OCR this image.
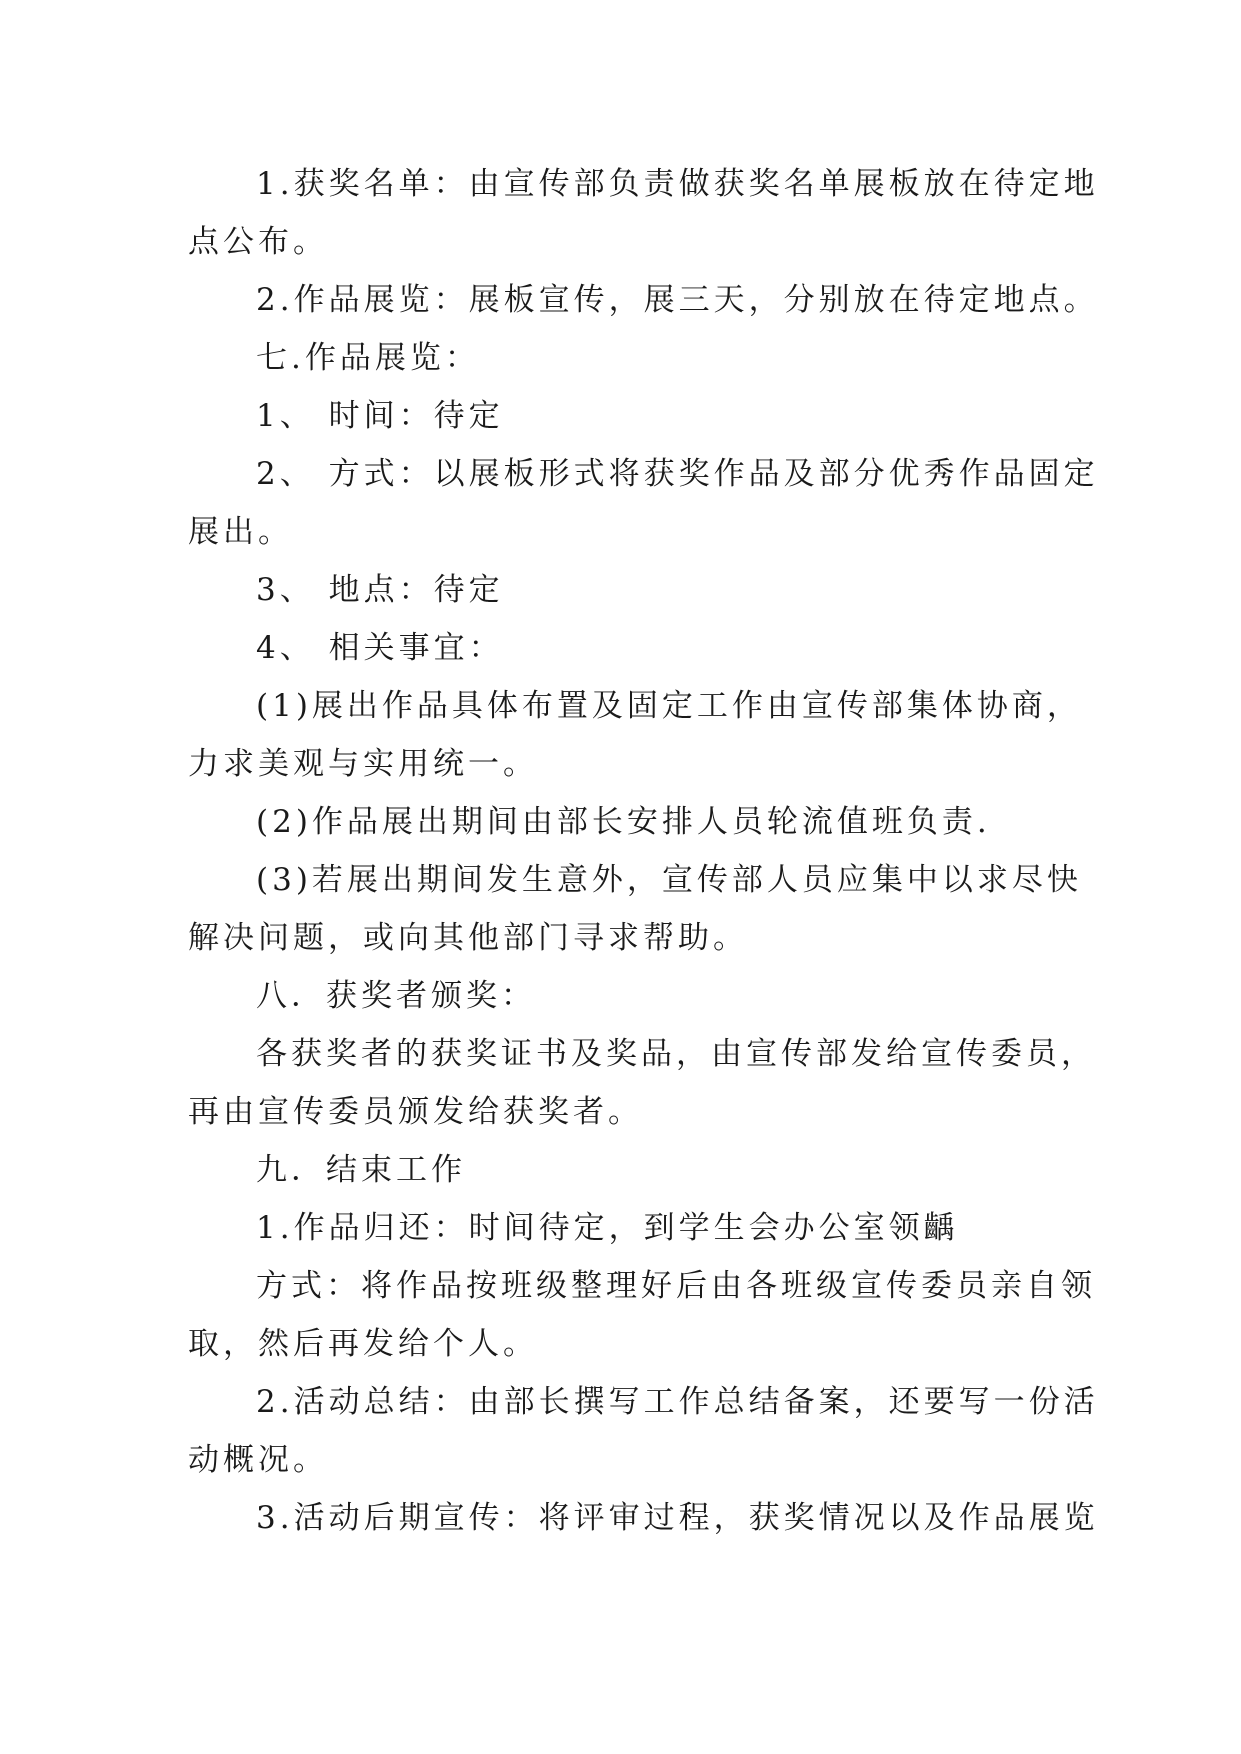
1.获奖名单：由宣传部负责做获奖名单展板放在待定地
点公布。
2.作品展览：展板宣传，展三天，分别放在待定地点。
七.作品展览：
1、 时间：待定
2、 方式：以展板形式将获奖作品及部分优秀作品固定
展出。
3、 地点：待定
4、 相关事宜：
(1)展出作品具体布置及固定工作由宣传部集体协商，
力求美观与实用统一。
(2)作品展出期间由部长安排人员轮流值班负责.
(3)若展出期间发生意外，宣传部人员应集中以求尽快
解决问题，或向其他部门寻求帮助。
八．获奖者颁奖：
各获奖者的获奖证书及奖品，由宣传部发给宣传委员，
再由宣传委员颁发给获奖者。
九．结束工作
1.作品归还：时间待定，到学生会办公室领齲
方式：将作品按班级整理好后由各班级宣传委员亲自领
取，然后再发给个人。
2.活动总结：由部长撰写工作总结备案，还要写一份活
动概况。
3.活动后期宣传：将评审过程，获奖情况以及作品展览
